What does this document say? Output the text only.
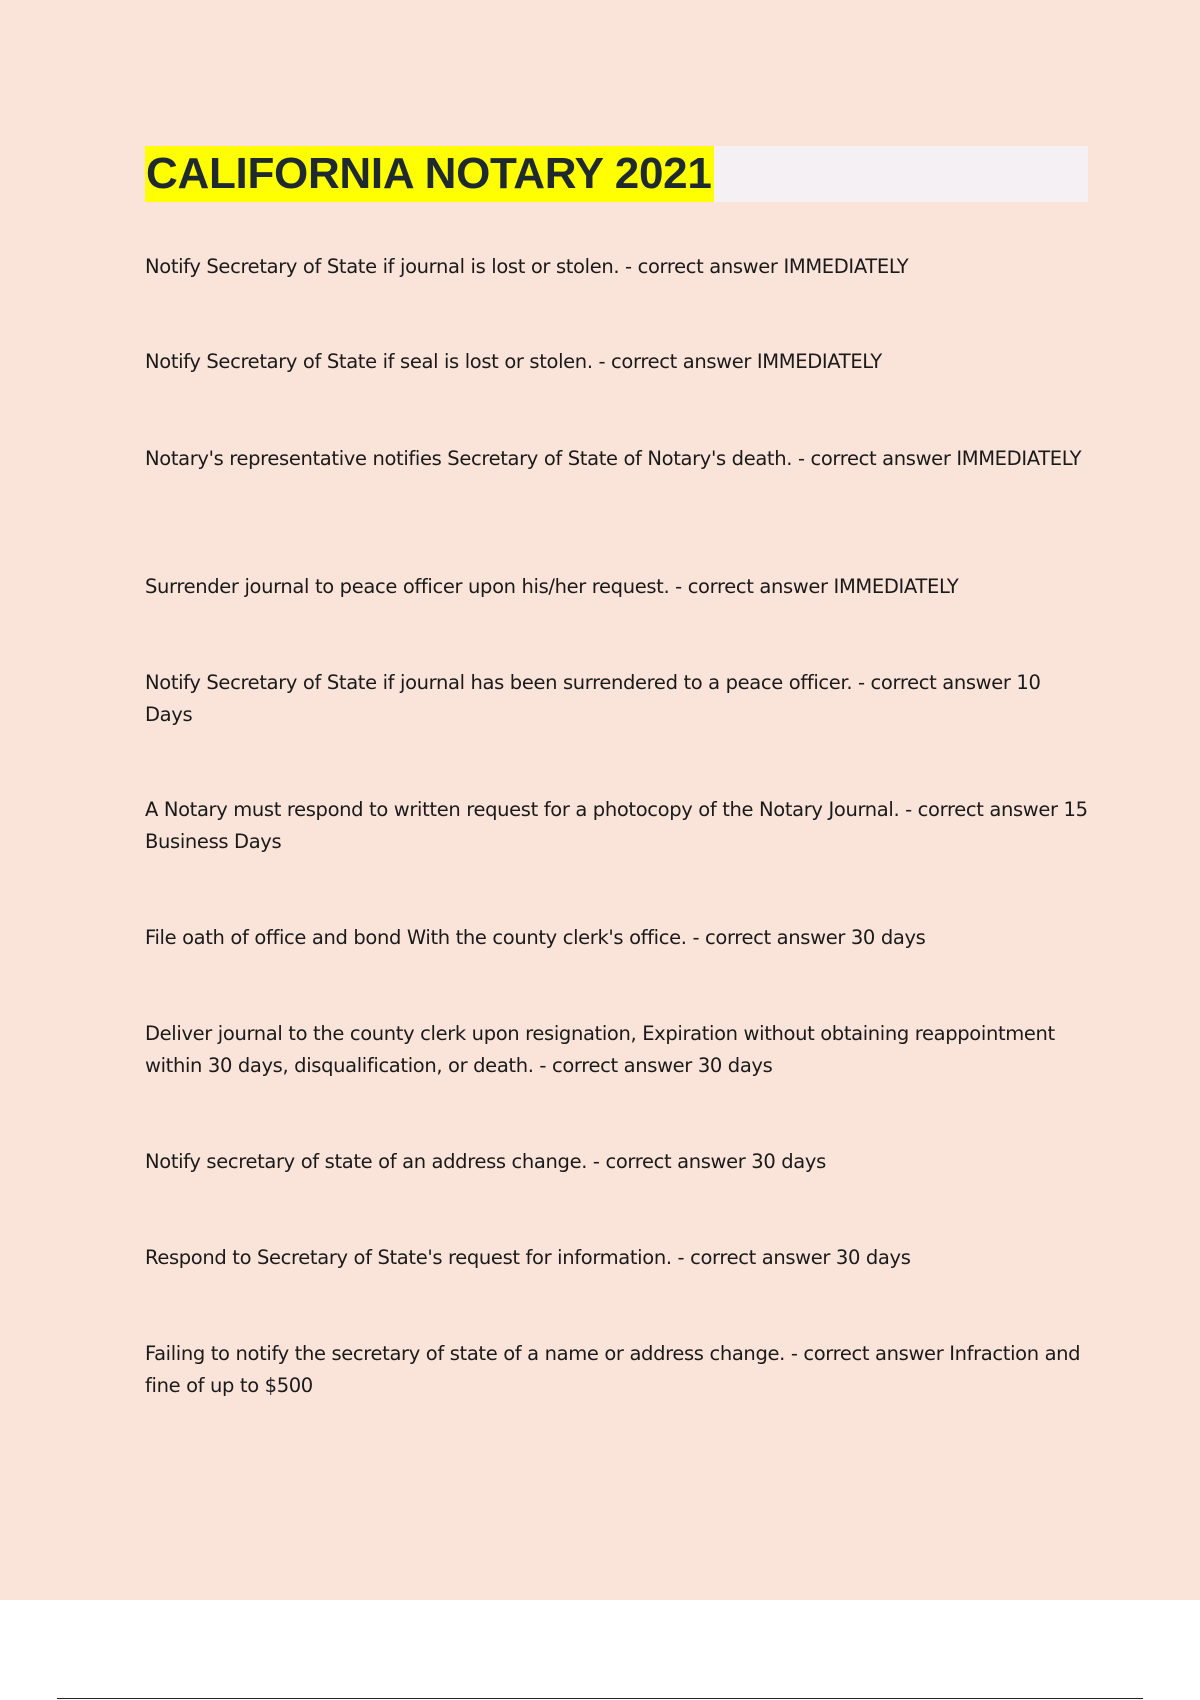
CALIFORNIA NOTARY 2021
Notify Secretary of State if journal is lost or stolen. - correct answer IMMEDIATELY
Notify Secretary of State if seal is lost or stolen. - correct answer IMMEDIATELY
Notary's representative notifies Secretary of State of Notary's death. - correct answer IMMEDIATELY
Surrender journal to peace officer upon his/her request. - correct answer IMMEDIATELY
Notify Secretary of State if journal has been surrendered to a peace officer. - correct answer 10 Days
A Notary must respond to written request for a photocopy of the Notary Journal. - correct answer 15 Business Days
File oath of office and bond With the county clerk's office. - correct answer 30 days
Deliver journal to the county clerk upon resignation, Expiration without obtaining reappointment within 30 days, disqualification, or death. - correct answer 30 days
Notify secretary of state of an address change. - correct answer 30 days
Respond to Secretary of State's request for information. - correct answer 30 days
Failing to notify the secretary of state of a name or address change. - correct answer Infraction and fine of up to $500
